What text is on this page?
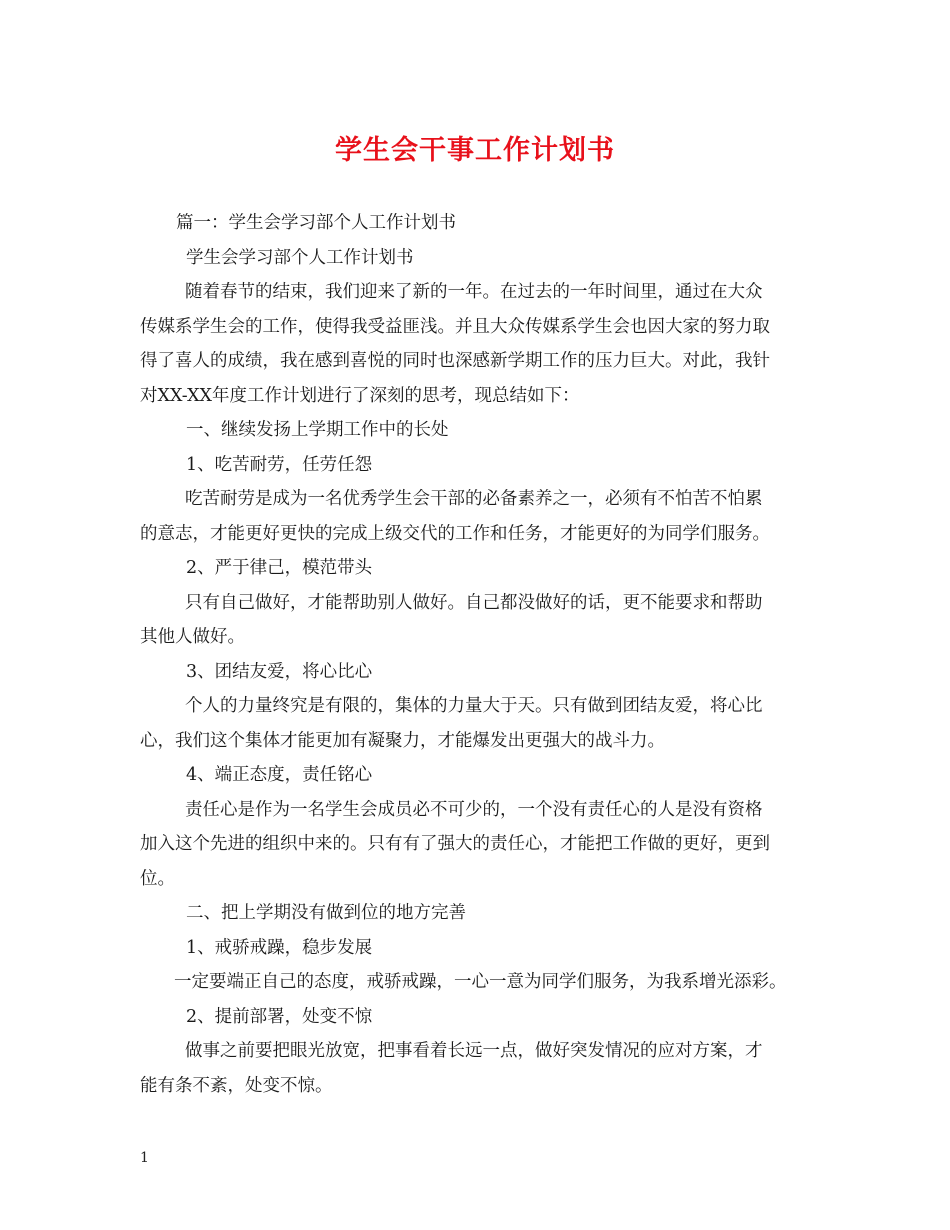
学生会干事工作计划书
篇一：学生会学习部个人工作计划书
学生会学习部个人工作计划书
随着春节的结束，我们迎来了新的一年。在过去的一年时间里，通过在大众
传媒系学生会的工作，使得我受益匪浅。并且大众传媒系学生会也因大家的努力取
得了喜人的成绩，我在感到喜悦的同时也深感新学期工作的压力巨大。对此，我针
对XX-XX年度工作计划进行了深刻的思考，现总结如下：
一、继续发扬上学期工作中的长处
1、吃苦耐劳，任劳任怨
吃苦耐劳是成为一名优秀学生会干部的必备素养之一，必须有不怕苦不怕累
的意志，才能更好更快的完成上级交代的工作和任务，才能更好的为同学们服务。
2、严于律己，模范带头
只有自己做好，才能帮助别人做好。自己都没做好的话，更不能要求和帮助
其他人做好。
3、团结友爱，将心比心
个人的力量终究是有限的，集体的力量大于天。只有做到团结友爱，将心比
心，我们这个集体才能更加有凝聚力，才能爆发出更强大的战斗力。
4、端正态度，责任铭心
责任心是作为一名学生会成员必不可少的，一个没有责任心的人是没有资格
加入这个先进的组织中来的。只有有了强大的责任心，才能把工作做的更好，更到
位。
二、把上学期没有做到位的地方完善
1、戒骄戒躁，稳步发展
一定要端正自己的态度，戒骄戒躁，一心一意为同学们服务，为我系增光添彩。
2、提前部署，处变不惊
做事之前要把眼光放宽，把事看着长远一点，做好突发情况的应对方案，才
能有条不紊，处变不惊。
1
